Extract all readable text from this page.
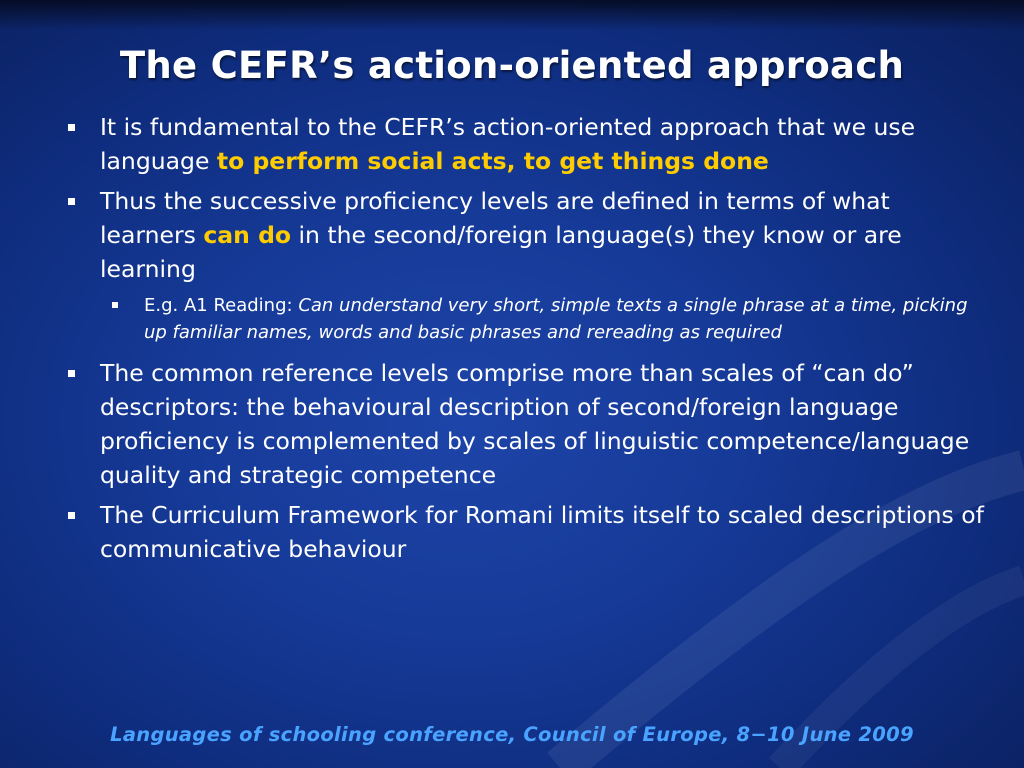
The CEFR’s action-oriented approach
It is fundamental to the CEFR’s action-oriented approach that we use language to perform social acts, to get things done
Thus the successive proficiency levels are defined in terms of what learners can do in the second/foreign language(s) they know or are learning
E.g. A1 Reading: Can understand very short, simple texts a single phrase at a time, picking up familiar names, words and basic phrases and rereading as required
The common reference levels comprise more than scales of “can do” descriptors: the behavioural description of second/foreign language proficiency is complemented by scales of linguistic competence/language quality and strategic competence
The Curriculum Framework for Romani limits itself to scaled descriptions of communicative behaviour
Languages of schooling conference, Council of Europe, 8−10 June 2009
